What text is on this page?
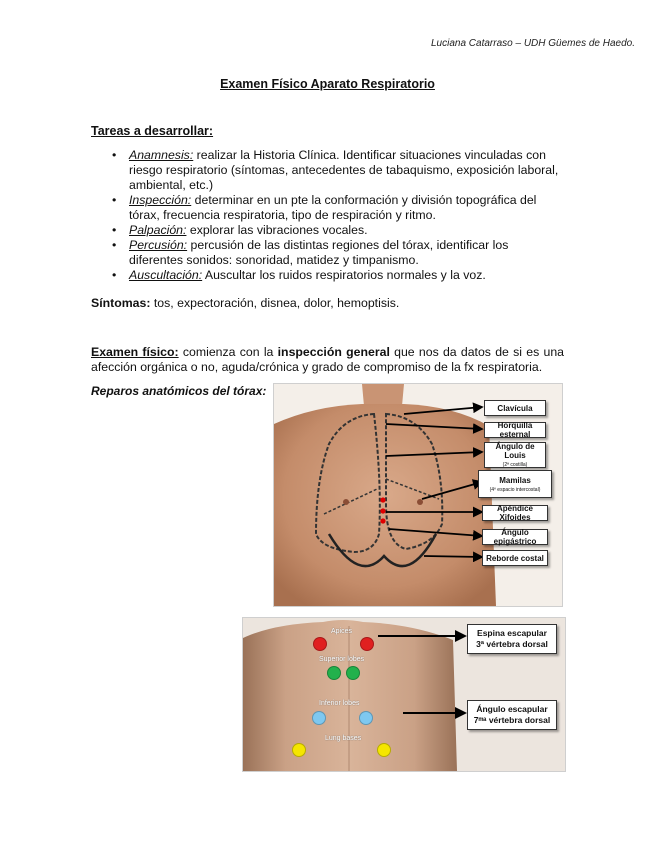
Luciana Catarraso – UDH Güemes de Haedo.
Examen Físico Aparato Respiratorio
Tareas a desarrollar:
• Anamnesis: realizar la Historia Clínica. Identificar situaciones vinculadas con riesgo respiratorio (síntomas, antecedentes de tabaquismo, exposición laboral, ambiental, etc.)
• Inspección: determinar en un pte la conformación y división topográfica del tórax, frecuencia respiratoria, tipo de respiración y ritmo.
• Palpación: explorar las vibraciones vocales.
• Percusión: percusión de las distintas regiones del tórax, identificar los diferentes sonidos: sonoridad, matidez y timpanismo.
• Auscultación: Auscultar los ruidos respiratorios normales y la voz.
Síntomas: tos, expectoración, disnea, dolor, hemoptisis.
Examen físico: comienza con la inspección general que nos da datos de si es una afección orgánica o no, aguda/crónica y grado de compromiso de la fx respiratoria.
Reparos anatómicos del tórax:
Clavícula
Horquilla esternal
Ángulo de Louis
(2ª costilla)
Mamilas
(4º espacio intercostal)
Apéndice Xifoides
Ángulo epigástrico
Reborde costal
Apices
Superior lobes
Inferior lobes
Lung bases
Espina escapular
3ª vértebra dorsal
Ángulo escapular
7ᵐᵃ vértebra dorsal
